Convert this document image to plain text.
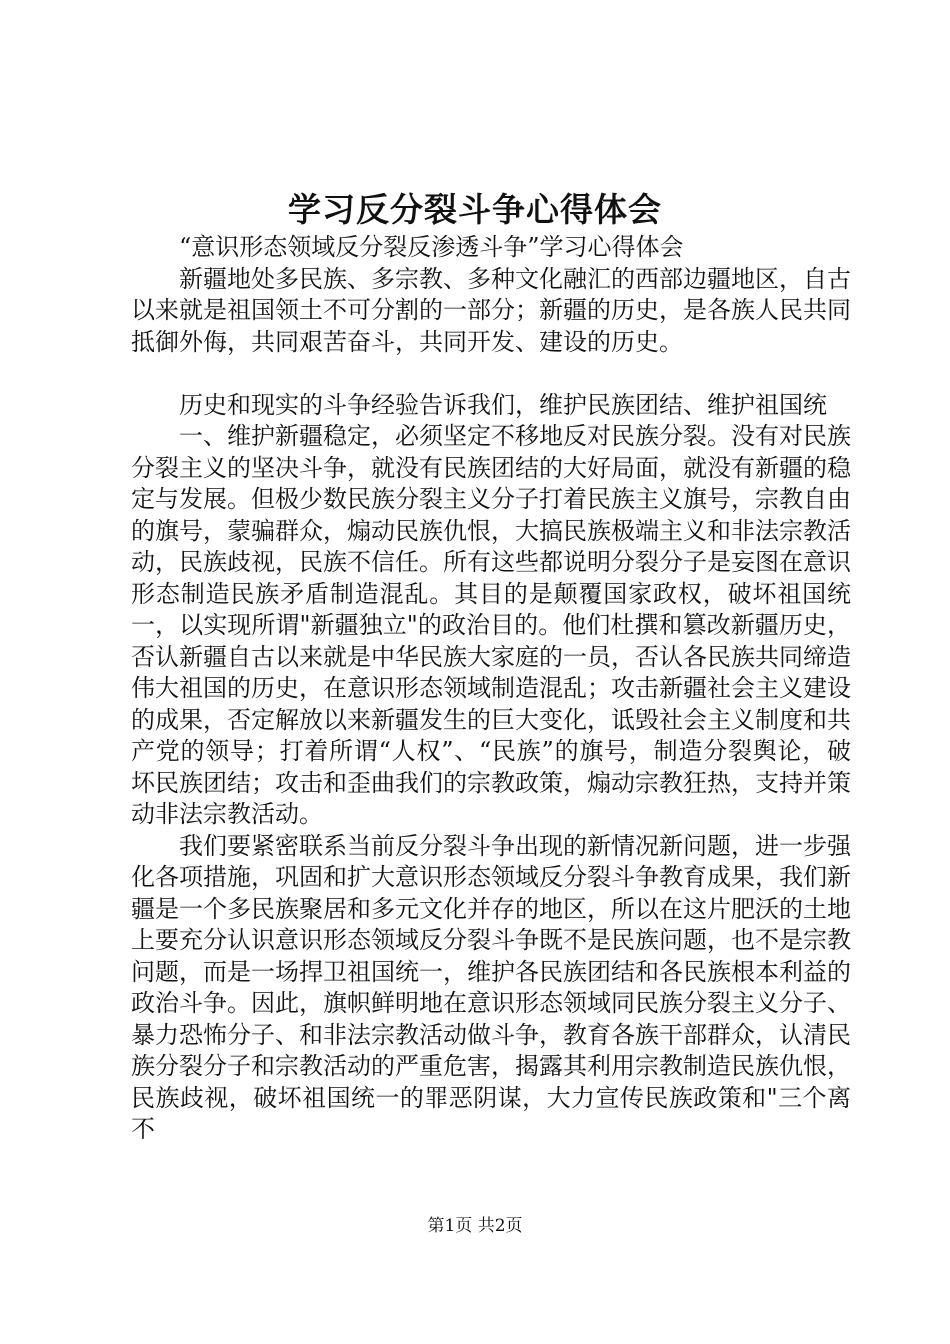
学习反分裂斗争心得体会

“意识形态领域反分裂反渗透斗争”学习心得体会

新疆地处多民族、多宗教、多种文化融汇的西部边疆地区，自古以来就是祖国领土不可分割的一部分；新疆的历史，是各族人民共同抵御外侮，共同艰苦奋斗，共同开发、建设的历史。

历史和现实的斗争经验告诉我们，维护民族团结、维护祖国统

一、维护新疆稳定，必须坚定不移地反对民族分裂。没有对民族分裂主义的坚决斗争，就没有民族团结的大好局面，就没有新疆的稳定与发展。但极少数民族分裂主义分子打着民族主义旗号，宗教自由的旗号，蒙骗群众，煽动民族仇恨，大搞民族极端主义和非法宗教活动，民族歧视，民族不信任。所有这些都说明分裂分子是妄图在意识形态制造民族矛盾制造混乱。其目的是颠覆国家政权，破坏祖国统一，以实现所谓"新疆独立"的政治目的。他们杜撰和篡改新疆历史，否认新疆自古以来就是中华民族大家庭的一员，否认各民族共同缔造伟大祖国的历史，在意识形态领域制造混乱；攻击新疆社会主义建设的成果，否定解放以来新疆发生的巨大变化，诋毁社会主义制度和共产党的领导；打着所谓“人权”、“民族”的旗号，制造分裂舆论，破坏民族团结；攻击和歪曲我们的宗教政策，煽动宗教狂热，支持并策动非法宗教活动。

我们要紧密联系当前反分裂斗争出现的新情况新问题，进一步强化各项措施，巩固和扩大意识形态领域反分裂斗争教育成果，我们新疆是一个多民族聚居和多元文化并存的地区，所以在这片肥沃的土地上要充分认识意识形态领域反分裂斗争既不是民族问题，也不是宗教问题，而是一场捍卫祖国统一，维护各民族团结和各民族根本利益的政治斗争。因此，旗帜鲜明地在意识形态领域同民族分裂主义分子、暴力恐怖分子、和非法宗教活动做斗争，教育各族干部群众，认清民族分裂分子和宗教活动的严重危害，揭露其利用宗教制造民族仇恨，民族歧视，破坏祖国统一的罪恶阴谋，大力宣传民族政策和"三个离不

第1页 共2页
